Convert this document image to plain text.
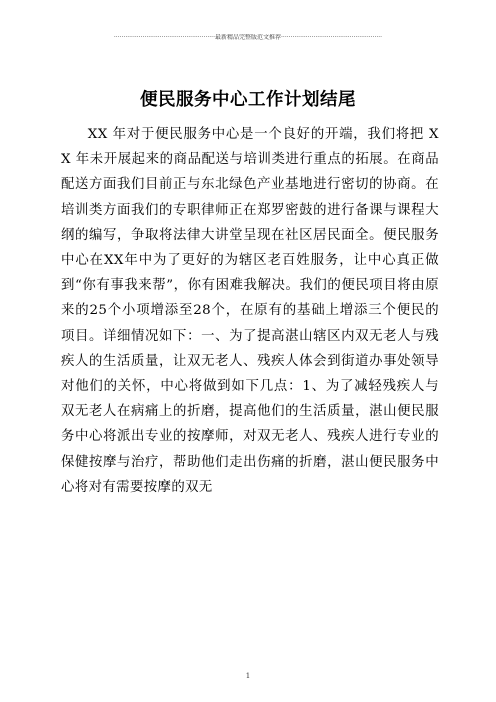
·····················································最新精品完整版范文推荐·····················································
便民服务中心工作计划结尾
XX 年对于便民服务中心是一个良好的开端，我们将把 XX 年未开展起来的商品配送与培训类进行重点的拓展。在商品配送方面我们目前正与东北绿色产业基地进行密切的协商。在培训类方面我们的专职律师正在郑罗密鼓的进行备课与课程大纲的编写，争取将法律大讲堂呈现在社区居民面全。便民服务中心在XX年中为了更好的为辖区老百姓服务，让中心真正做到“你有事我来帮”，你有困难我解决。我们的便民项目将由原来的25个小项增添至28个，在原有的基础上增添三个便民的项目。详细情况如下：一、为了提高湛山辖区内双无老人与残疾人的生活质量，让双无老人、残疾人体会到街道办事处领导对他们的关怀，中心将做到如下几点：1、为了减轻残疾人与双无老人在病痛上的折磨，提高他们的生活质量，湛山便民服务中心将派出专业的按摩师，对双无老人、残疾人进行专业的保健按摩与治疗，帮助他们走出伤痛的折磨，湛山便民服务中心将对有需要按摩的双无
1
